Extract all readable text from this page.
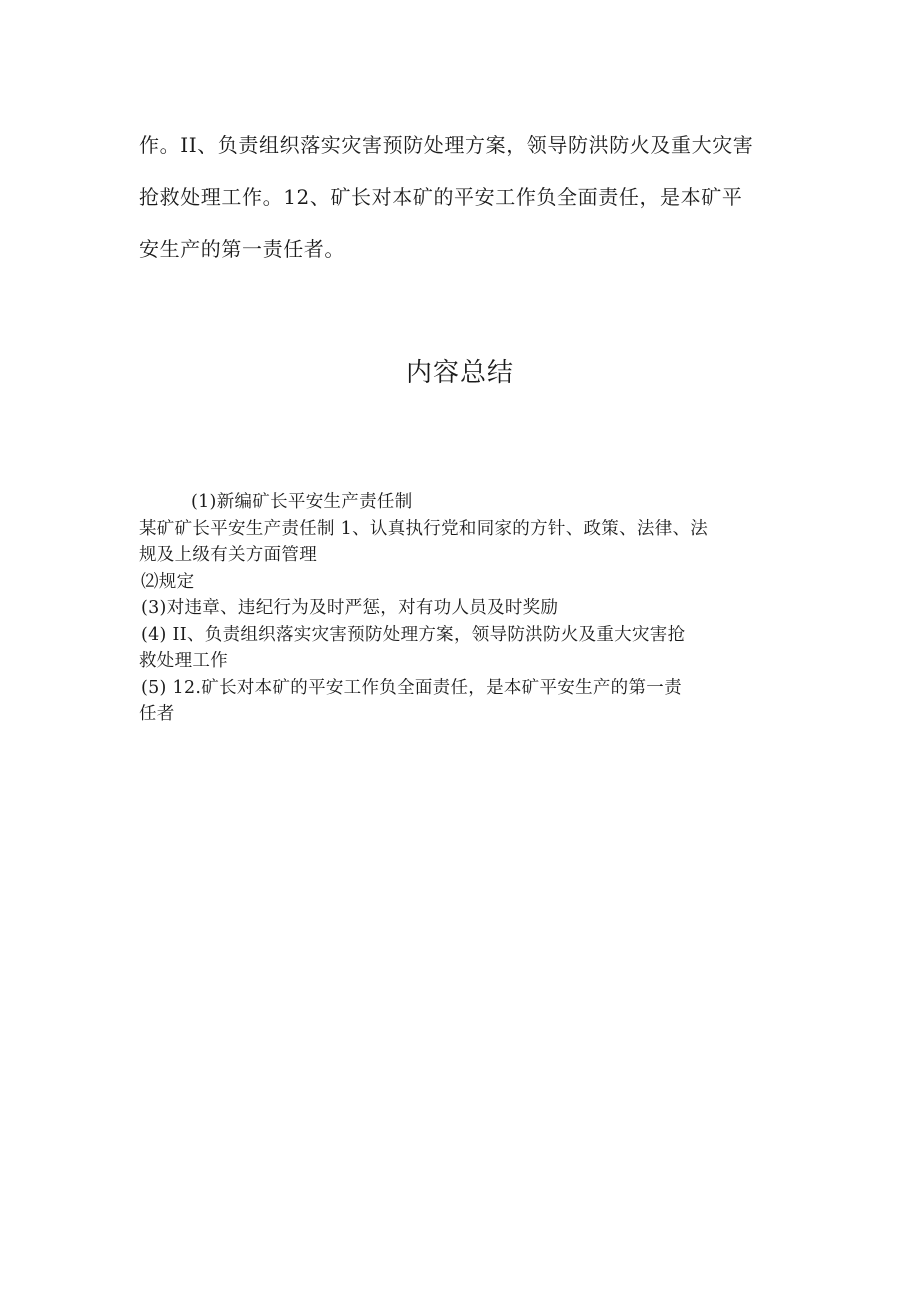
作。II、负责组织落实灾害预防处理方案，领导防洪防火及重大灾害
抢救处理工作。12、矿长对本矿的平安工作负全面责任，是本矿平
安生产的第一责任者。

内容总结
(1)新编矿长平安生产责任制
某矿矿长平安生产责任制 1、认真执行党和同家的方针、政策、法律、法
规及上级有关方面管理
⑵规定
(3)对违章、违纪行为及时严惩，对有功人员及时奖励
(4) II、负责组织落实灾害预防处理方案，领导防洪防火及重大灾害抢
救处理工作
(5) 12.矿长对本矿的平安工作负全面责任，是本矿平安生产的第一责
任者
